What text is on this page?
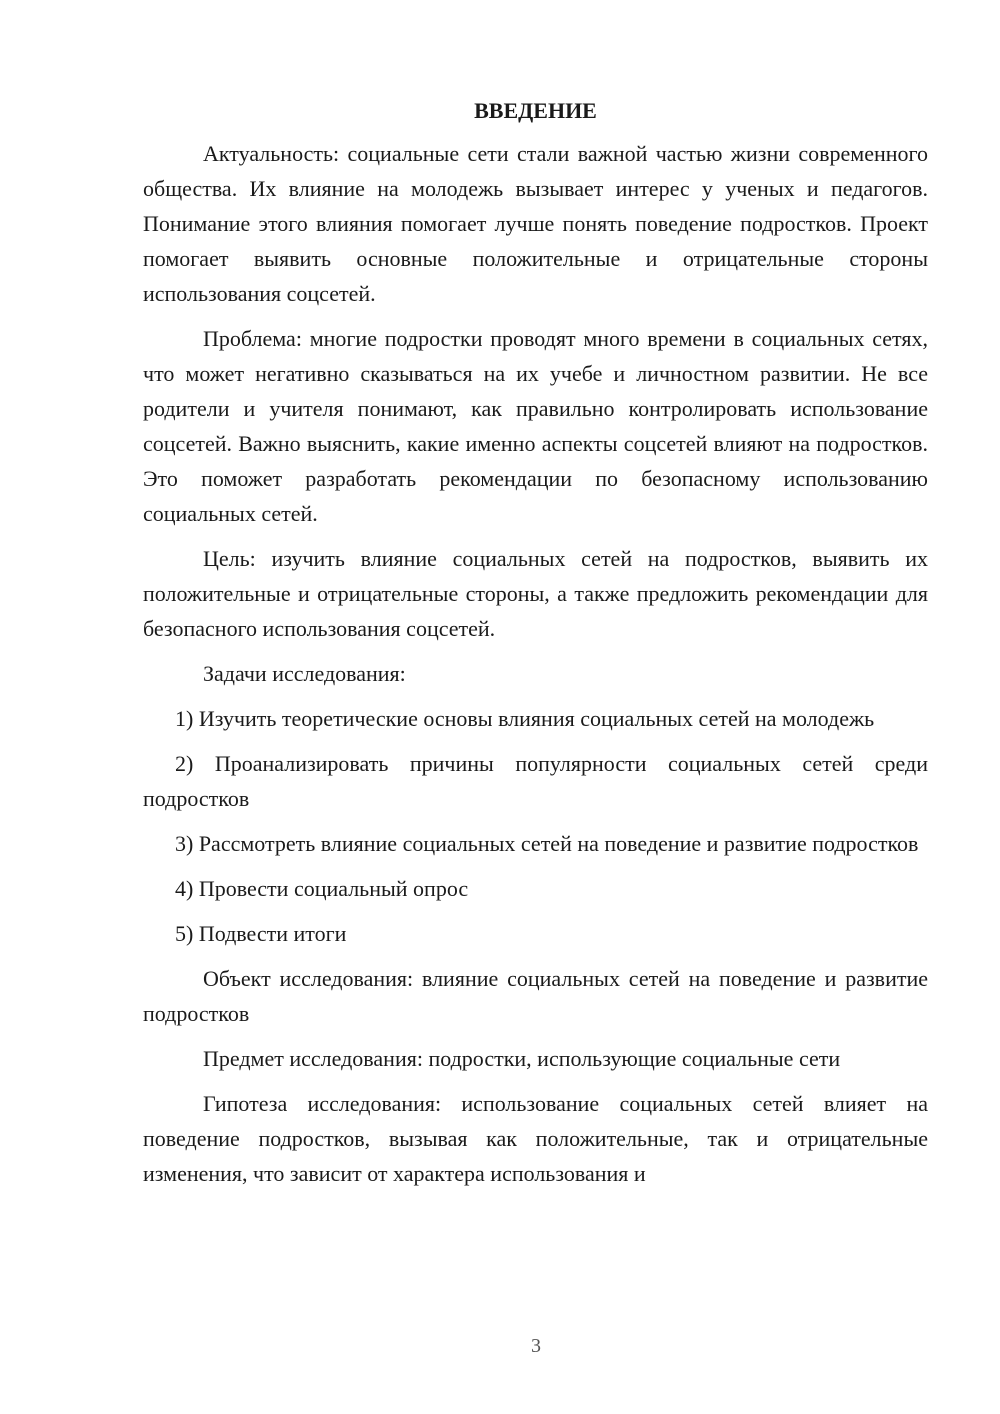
ВВЕДЕНИЕ

Актуальность: социальные сети стали важной частью жизни современного общества. Их влияние на молодежь вызывает интерес у ученых и педагогов. Понимание этого влияния помогает лучше понять поведение подростков. Проект помогает выявить основные положительные и отрицательные стороны использования соцсетей.

Проблема: многие подростки проводят много времени в социальных сетях, что может негативно сказываться на их учебе и личностном развитии. Не все родители и учителя понимают, как правильно контролировать использование соцсетей. Важно выяснить, какие именно аспекты соцсетей влияют на подростков. Это поможет разработать рекомендации по безопасному использованию социальных сетей.

Цель: изучить влияние социальных сетей на подростков, выявить их положительные и отрицательные стороны, а также предложить рекомендации для безопасного использования соцсетей.

Задачи исследования:

1) Изучить теоретические основы влияния социальных сетей на молодежь

2) Проанализировать причины популярности социальных сетей среди подростков

3) Рассмотреть влияние социальных сетей на поведение и развитие подростков

4) Провести социальный опрос

5) Подвести итоги

Объект исследования: влияние социальных сетей на поведение и развитие подростков

Предмет исследования: подростки, использующие социальные сети

Гипотеза исследования: использование социальных сетей влияет на поведение подростков, вызывая как положительные, так и отрицательные изменения, что зависит от характера использования и

3
